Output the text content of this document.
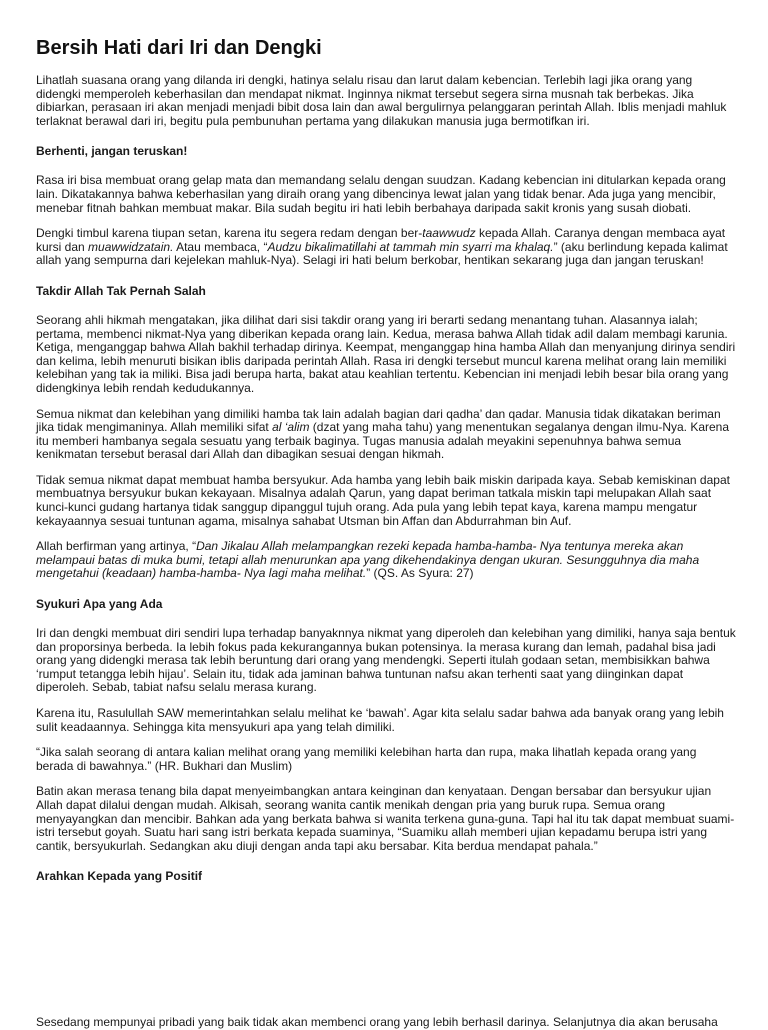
Bersih Hati dari Iri dan Dengki

Lihatlah suasana orang yang dilanda iri dengki, hatinya selalu risau dan larut dalam kebencian. Terlebih lagi jika orang yang didengki memperoleh keberhasilan dan mendapat nikmat. Inginnya nikmat tersebut segera sirna musnah tak berbekas. Jika dibiarkan, perasaan iri akan menjadi menjadi bibit dosa lain dan awal bergulirnya pelanggaran perintah Allah. Iblis menjadi mahluk terlaknat berawal dari iri, begitu pula pembunuhan pertama yang dilakukan manusia juga bermotifkan iri.

Berhenti, jangan teruskan!

Rasa iri bisa membuat orang gelap mata dan memandang selalu dengan suudzan. Kadang kebencian ini ditularkan kepada orang lain. Dikatakannya bahwa keberhasilan yang diraih orang yang dibencinya lewat jalan yang tidak benar. Ada juga yang mencibir, menebar fitnah bahkan membuat makar. Bila sudah begitu iri hati lebih berbahaya daripada sakit kronis yang susah diobati.

Dengki timbul karena tiupan setan, karena itu segera redam dengan ber-taawwudz kepada Allah. Caranya dengan membaca ayat kursi dan muawwidzatain. Atau membaca, “Audzu bikalimatillahi at tammah min syarri ma khalaq.” (aku berlindung kepada kalimat allah yang sempurna dari kejelekan mahluk-Nya). Selagi iri hati belum berkobar, hentikan sekarang juga dan jangan teruskan!

Takdir Allah Tak Pernah Salah

Seorang ahli hikmah mengatakan, jika dilihat dari sisi takdir orang yang iri berarti sedang menantang tuhan. Alasannya ialah; pertama, membenci nikmat-Nya yang diberikan kepada orang lain. Kedua, merasa bahwa Allah tidak adil dalam membagi karunia. Ketiga, menganggap bahwa Allah bakhil terhadap dirinya. Keempat, menganggap hina hamba Allah dan menyanjung dirinya sendiri dan kelima, lebih menuruti bisikan iblis daripada perintah Allah. Rasa iri dengki tersebut muncul karena melihat orang lain memiliki kelebihan yang tak ia miliki. Bisa jadi berupa harta, bakat atau keahlian tertentu. Kebencian ini menjadi lebih besar bila orang yang didengkinya lebih rendah kedudukannya.

Semua nikmat dan kelebihan yang dimiliki hamba tak lain adalah bagian dari qadha’ dan qadar. Manusia tidak dikatakan beriman jika tidak mengimaninya. Allah memiliki sifat al ‘alim (dzat yang maha tahu) yang menentukan segalanya dengan ilmu-Nya. Karena itu memberi hambanya segala sesuatu yang terbaik baginya. Tugas manusia adalah meyakini sepenuhnya bahwa semua kenikmatan tersebut berasal dari Allah dan dibagikan sesuai dengan hikmah.

Tidak semua nikmat dapat membuat hamba bersyukur. Ada hamba yang lebih baik miskin daripada kaya. Sebab kemiskinan dapat membuatnya bersyukur bukan kekayaan. Misalnya adalah Qarun, yang dapat beriman tatkala miskin tapi melupakan Allah saat kunci-kunci gudang hartanya tidak sanggup dipanggul tujuh orang. Ada pula yang lebih tepat kaya, karena mampu mengatur kekayaannya sesuai tuntunan agama, misalnya sahabat Utsman bin Affan dan Abdurrahman bin Auf.

Allah berfirman yang artinya, “Dan Jikalau Allah melampangkan rezeki kepada hamba-hamba- Nya tentunya mereka akan melampaui batas di muka bumi, tetapi allah menurunkan apa yang dikehendakinya dengan ukuran. Sesungguhnya dia maha mengetahui (keadaan) hamba-hamba- Nya lagi maha melihat.” (QS. As Syura: 27)

Syukuri Apa yang Ada

Iri dan dengki membuat diri sendiri lupa terhadap banyaknnya nikmat yang diperoleh dan kelebihan yang dimiliki, hanya saja bentuk dan proporsinya berbeda. Ia lebih fokus pada kekurangannya bukan potensinya. Ia merasa kurang dan lemah, padahal bisa jadi orang yang didengki merasa tak lebih beruntung dari orang yang mendengki. Seperti itulah godaan setan, membisikkan bahwa ‘rumput tetangga lebih hijau’. Selain itu, tidak ada jaminan bahwa tuntunan nafsu akan terhenti saat yang diinginkan dapat diperoleh. Sebab, tabiat nafsu selalu merasa kurang.

Karena itu, Rasulullah SAW memerintahkan selalu melihat ke ‘bawah’. Agar kita selalu sadar bahwa ada banyak orang yang lebih sulit keadaannya. Sehingga kita mensyukuri apa yang telah dimiliki.

“Jika salah seorang di antara kalian melihat orang yang memiliki kelebihan harta dan rupa, maka lihatlah kepada orang yang berada di bawahnya.” (HR. Bukhari dan Muslim)

Batin akan merasa tenang bila dapat menyeimbangkan antara keinginan dan kenyataan. Dengan bersabar dan bersyukur ujian Allah dapat dilalui dengan mudah. Alkisah, seorang wanita cantik menikah dengan pria yang buruk rupa. Semua orang menyayangkan dan mencibir. Bahkan ada yang berkata bahwa si wanita terkena guna-guna. Tapi hal itu tak dapat membuat suami-istri tersebut goyah. Suatu hari sang istri berkata kepada suaminya, “Suamiku allah memberi ujian kepadamu berupa istri yang cantik, bersyukurlah. Sedangkan aku diuji dengan anda tapi aku bersabar. Kita berdua mendapat pahala.”

Arahkan Kepada yang Positif
Sesedang mempunyai pribadi yang baik tidak akan membenci orang yang lebih berhasil darinya. Selanjutnya dia akan berusaha
